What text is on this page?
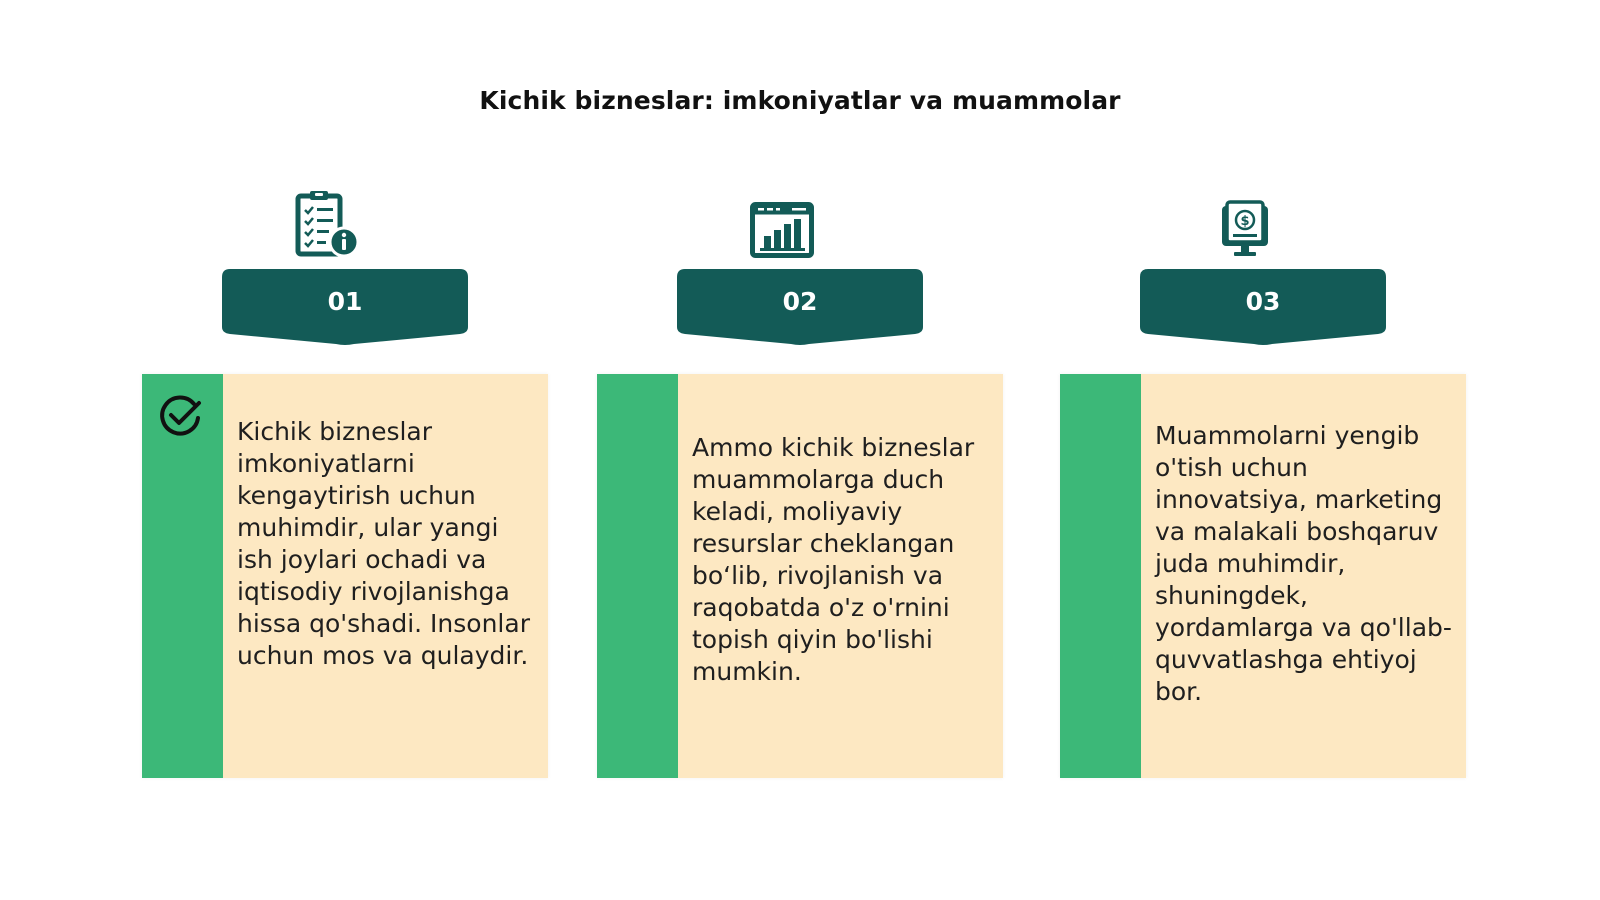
Kichik bizneslar: imkoniyatlar va muammolar
01
Kichik bizneslar imkoniyatlarni kengaytirish uchun muhimdir, ular yangi ish joylari ochadi va iqtisodiy rivojlanishga hissa qo'shadi. Insonlar uchun mos va qulaydir.
02
Ammo kichik bizneslar muammolarga duch keladi, moliyaviy resurslar cheklangan bo‘lib, rivojlanish va raqobatda o'z o'rnini topish qiyin bo'lishi mumkin.
$
03
Muammolarni yengib o'tish uchun innovatsiya, marketing va malakali boshqaruv juda muhimdir, shuningdek, yordamlarga va qo'llab-quvvatlashga ehtiyoj bor.
